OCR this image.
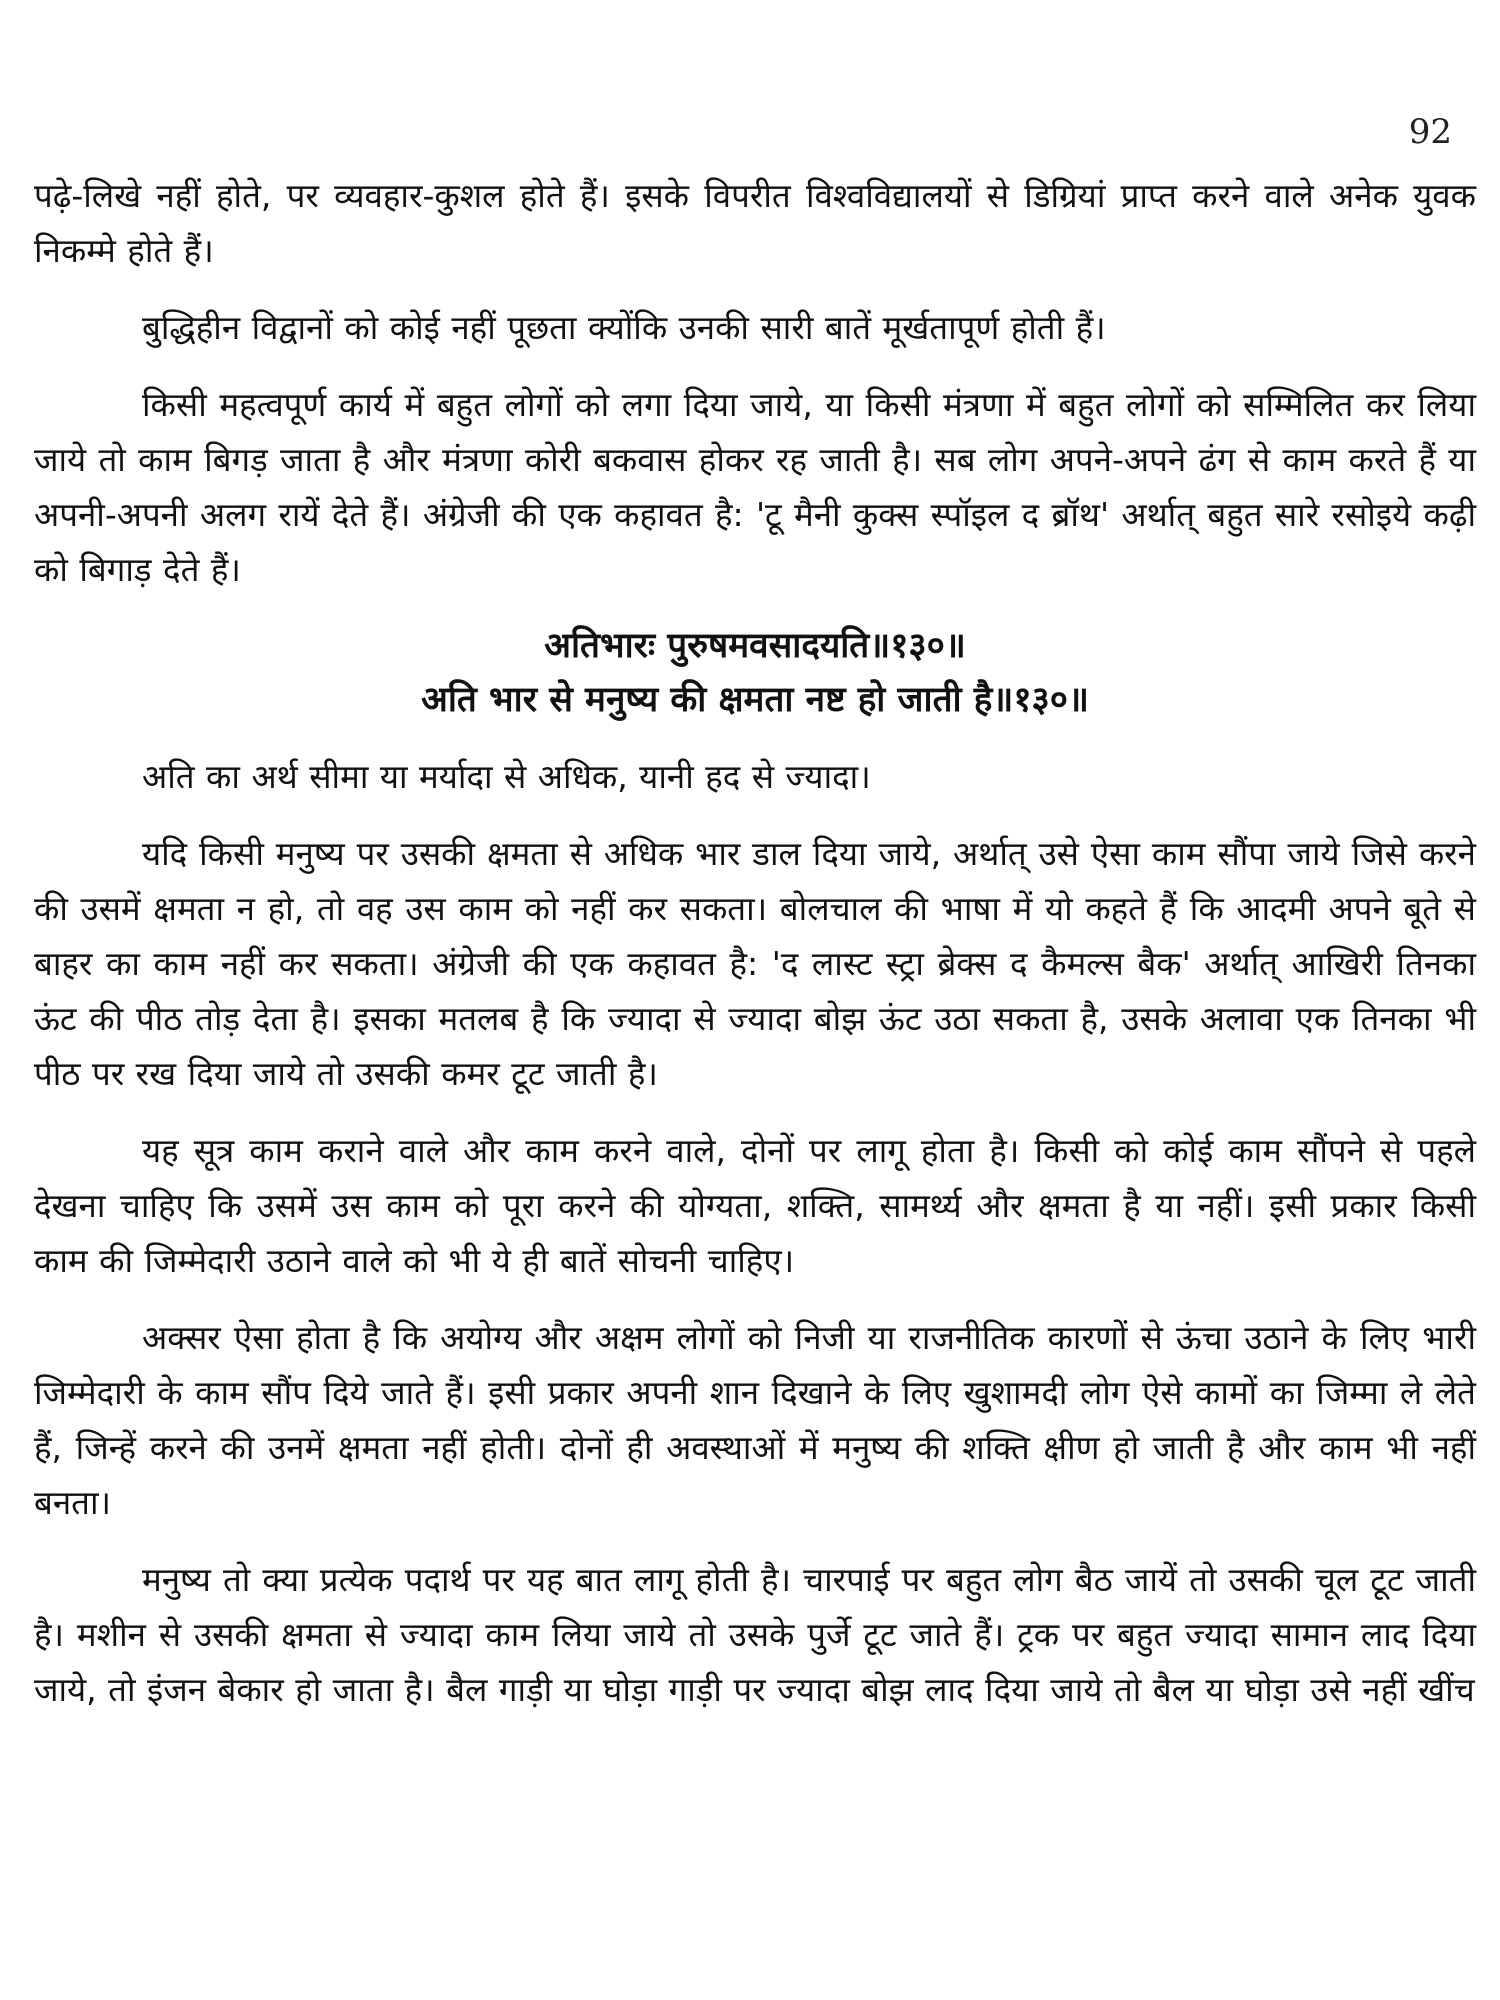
92

पढ़े-लिखे नहीं होते, पर व्यवहार-कुशल होते हैं। इसके विपरीत विश्वविद्यालयों से डिग्रियां प्राप्त करने वाले अनेक युवक निकम्मे होते हैं।

बुद्धिहीन विद्वानों को कोई नहीं पूछता क्योंकि उनकी सारी बातें मूर्खतापूर्ण होती हैं।

किसी महत्वपूर्ण कार्य में बहुत लोगों को लगा दिया जाये, या किसी मंत्रणा में बहुत लोगों को सम्मिलित कर लिया जाये तो काम बिगड़ जाता है और मंत्रणा कोरी बकवास होकर रह जाती है। सब लोग अपने-अपने ढंग से काम करते हैं या अपनी-अपनी अलग रायें देते हैं। अंग्रेजी की एक कहावत है: 'टू मैनी कुक्स स्पॉइल द ब्रॉथ' अर्थात् बहुत सारे रसोइये कढ़ी को बिगाड़ देते हैं।

अतिभारः पुरुषमवसादयति॥१३०॥
अति भार से मनुष्य की क्षमता नष्ट हो जाती है॥१३०॥

अति का अर्थ सीमा या मर्यादा से अधिक, यानी हद से ज्यादा।

यदि किसी मनुष्य पर उसकी क्षमता से अधिक भार डाल दिया जाये, अर्थात् उसे ऐसा काम सौंपा जाये जिसे करने की उसमें क्षमता न हो, तो वह उस काम को नहीं कर सकता। बोलचाल की भाषा में यो कहते हैं कि आदमी अपने बूते से बाहर का काम नहीं कर सकता। अंग्रेजी की एक कहावत है: 'द लास्ट स्ट्रा ब्रेक्स द कैमल्स बैक' अर्थात् आखिरी तिनका ऊंट की पीठ तोड़ देता है। इसका मतलब है कि ज्यादा से ज्यादा बोझ ऊंट उठा सकता है, उसके अलावा एक तिनका भी पीठ पर रख दिया जाये तो उसकी कमर टूट जाती है।

यह सूत्र काम कराने वाले और काम करने वाले, दोनों पर लागू होता है। किसी को कोई काम सौंपने से पहले देखना चाहिए कि उसमें उस काम को पूरा करने की योग्यता, शक्ति, सामर्थ्य और क्षमता है या नहीं। इसी प्रकार किसी काम की जिम्मेदारी उठाने वाले को भी ये ही बातें सोचनी चाहिए।

अक्सर ऐसा होता है कि अयोग्य और अक्षम लोगों को निजी या राजनीतिक कारणों से ऊंचा उठाने के लिए भारी जिम्मेदारी के काम सौंप दिये जाते हैं। इसी प्रकार अपनी शान दिखाने के लिए खुशामदी लोग ऐसे कामों का जिम्मा ले लेते हैं, जिन्हें करने की उनमें क्षमता नहीं होती। दोनों ही अवस्थाओं में मनुष्य की शक्ति क्षीण हो जाती है और काम भी नहीं बनता।

मनुष्य तो क्या प्रत्येक पदार्थ पर यह बात लागू होती है। चारपाई पर बहुत लोग बैठ जायें तो उसकी चूल टूट जाती है। मशीन से उसकी क्षमता से ज्यादा काम लिया जाये तो उसके पुर्जे टूट जाते हैं। ट्रक पर बहुत ज्यादा सामान लाद दिया जाये, तो इंजन बेकार हो जाता है। बैल गाड़ी या घोड़ा गाड़ी पर ज्यादा बोझ लाद दिया जाये तो बैल या घोड़ा उसे नहीं खींच
